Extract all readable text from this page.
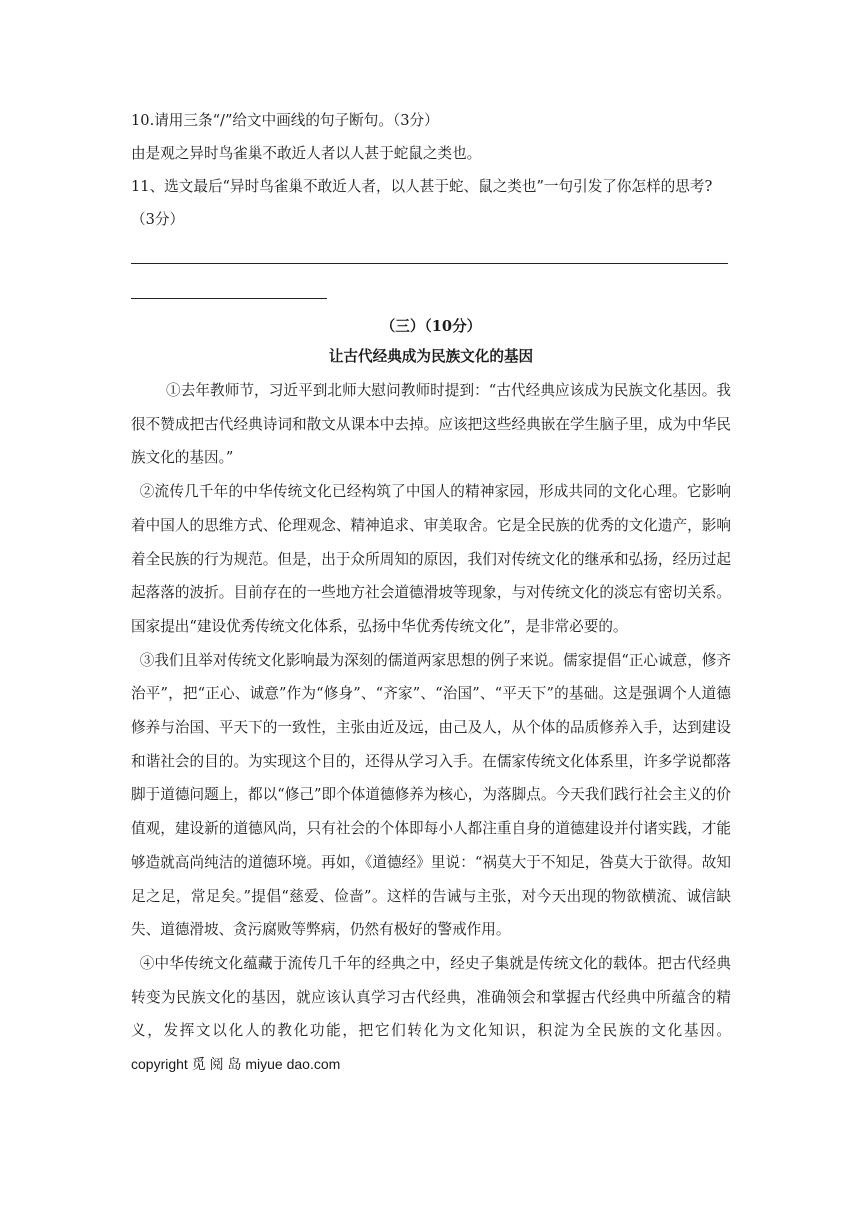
10.请用三条“/”给文中画线的句子断句。（3分）
由是观之异时鸟雀巢不敢近人者以人甚于蛇鼠之类也。
11、选文最后“异时鸟雀巢不敢近人者，以人甚于蛇、鼠之类也”一句引发了你怎样的思考?
（3分）
（三）（10分）
让古代经典成为民族文化的基因

①去年教师节，习近平到北师大慰问教师时提到：“古代经典应该成为民族文化基因。我很不赞成把古代经典诗词和散文从课本中去掉。应该把这些经典嵌在学生脑子里，成为中华民族文化的基因。”

②流传几千年的中华传统文化已经构筑了中国人的精神家园，形成共同的文化心理。它影响着中国人的思维方式、伦理观念、精神追求、审美取舍。它是全民族的优秀的文化遗产，影响着全民族的行为规范。但是，出于众所周知的原因，我们对传统文化的继承和弘扬，经历过起起落落的波折。目前存在的一些地方社会道德滑坡等现象，与对传统文化的淡忘有密切关系。国家提出“建设优秀传统文化体系，弘扬中华优秀传统文化”，是非常必要的。

③我们且举对传统文化影响最为深刻的儒道两家思想的例子来说。儒家提倡“正心诚意，修齐治平”，把“正心、诚意”作为“修身”、“齐家”、“治国”、“平天下”的基础。这是强调个人道德修养与治国、平天下的一致性，主张由近及远，由己及人，从个体的品质修养入手，达到建设和谐社会的目的。为实现这个目的，还得从学习入手。在儒家传统文化体系里，许多学说都落脚于道德问题上，都以“修己”即个体道德修养为核心，为落脚点。今天我们践行社会主义的价值观，建设新的道德风尚，只有社会的个体即每小人都注重自身的道德建设并付诸实践，才能够造就高尚纯洁的道德环境。再如，《道德经》里说：“祸莫大于不知足，咎莫大于欲得。故知足之足，常足矣。”提倡“慈爱、俭啬”。这样的告诫与主张，对今天出现的物欲横流、诚信缺失、道德滑坡、贪污腐败等弊病，仍然有极好的警戒作用。

④中华传统文化蕴藏于流传几千年的经典之中，经史子集就是传统文化的载体。把古代经典转变为民族文化的基因，就应该认真学习古代经典，准确领会和掌握古代经典中所蕴含的精义，发挥文以化人的教化功能，把它们转化为文化知识，积淀为全民族的文化基因。 copyright 觅 阅 岛 miyue dao.com
